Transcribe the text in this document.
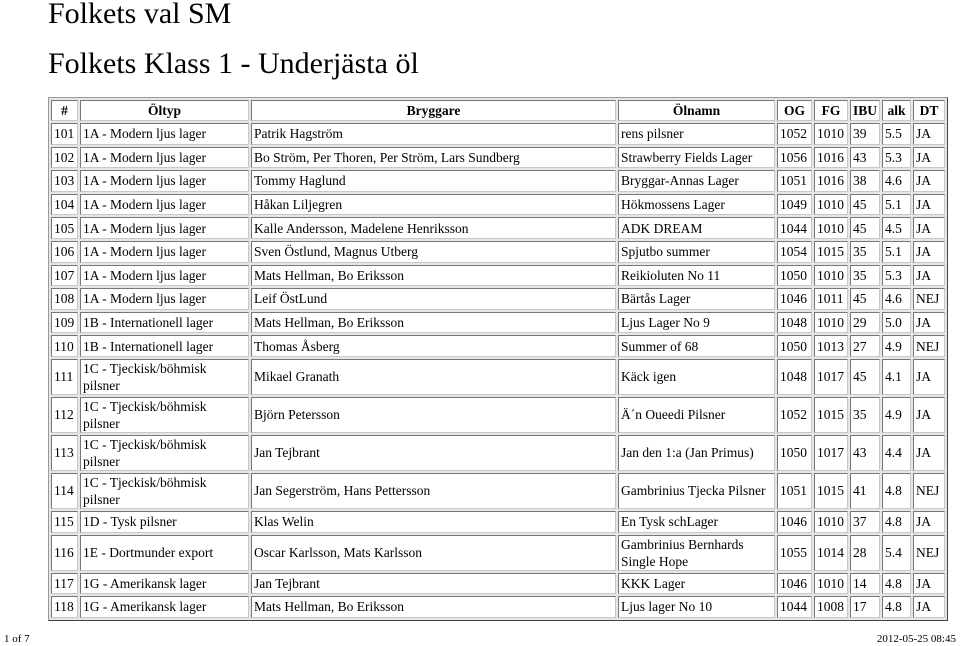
Folkets val SM
Folkets Klass 1 - Underjästa öl
#	Öltyp	Bryggare	Ölnamn	OG	FG	IBU	alk	DT
101	1A - Modern ljus lager	Patrik Hagström	rens pilsner	1052	1010	39	5.5	JA
102	1A - Modern ljus lager	Bo Ström, Per Thoren, Per Ström, Lars Sundberg	Strawberry Fields Lager	1056	1016	43	5.3	JA
103	1A - Modern ljus lager	Tommy Haglund	Bryggar-Annas Lager	1051	1016	38	4.6	JA
104	1A - Modern ljus lager	Håkan Liljegren	Hökmossens Lager	1049	1010	45	5.1	JA
105	1A - Modern ljus lager	Kalle Andersson, Madelene Henriksson	ADK DREAM	1044	1010	45	4.5	JA
106	1A - Modern ljus lager	Sven Östlund, Magnus Utberg	Spjutbo summer	1054	1015	35	5.1	JA
107	1A - Modern ljus lager	Mats Hellman, Bo Eriksson	Reikioluten No 11	1050	1010	35	5.3	JA
108	1A - Modern ljus lager	Leif ÖstLund	Bärtås Lager	1046	1011	45	4.6	NEJ
109	1B - Internationell lager	Mats Hellman, Bo Eriksson	Ljus Lager No 9	1048	1010	29	5.0	JA
110	1B - Internationell lager	Thomas Åsberg	Summer of 68	1050	1013	27	4.9	NEJ
111	1C - Tjeckisk/böhmisk pilsner	Mikael Granath	Käck igen	1048	1017	45	4.1	JA
112	1C - Tjeckisk/böhmisk pilsner	Björn Petersson	Ä´n Oueedi Pilsner	1052	1015	35	4.9	JA
113	1C - Tjeckisk/böhmisk pilsner	Jan Tejbrant	Jan den 1:a (Jan Primus)	1050	1017	43	4.4	JA
114	1C - Tjeckisk/böhmisk pilsner	Jan Segerström, Hans Pettersson	Gambrinius Tjecka Pilsner	1051	1015	41	4.8	NEJ
115	1D - Tysk pilsner	Klas Welin	En Tysk schLager	1046	1010	37	4.8	JA
116	1E - Dortmunder export	Oscar Karlsson, Mats Karlsson	Gambrinius Bernhards Single Hope	1055	1014	28	5.4	NEJ
117	1G - Amerikansk lager	Jan Tejbrant	KKK Lager	1046	1010	14	4.8	JA
118	1G - Amerikansk lager	Mats Hellman, Bo Eriksson	Ljus lager No 10	1044	1008	17	4.8	JA
1 of 7	2012-05-25 08:45
